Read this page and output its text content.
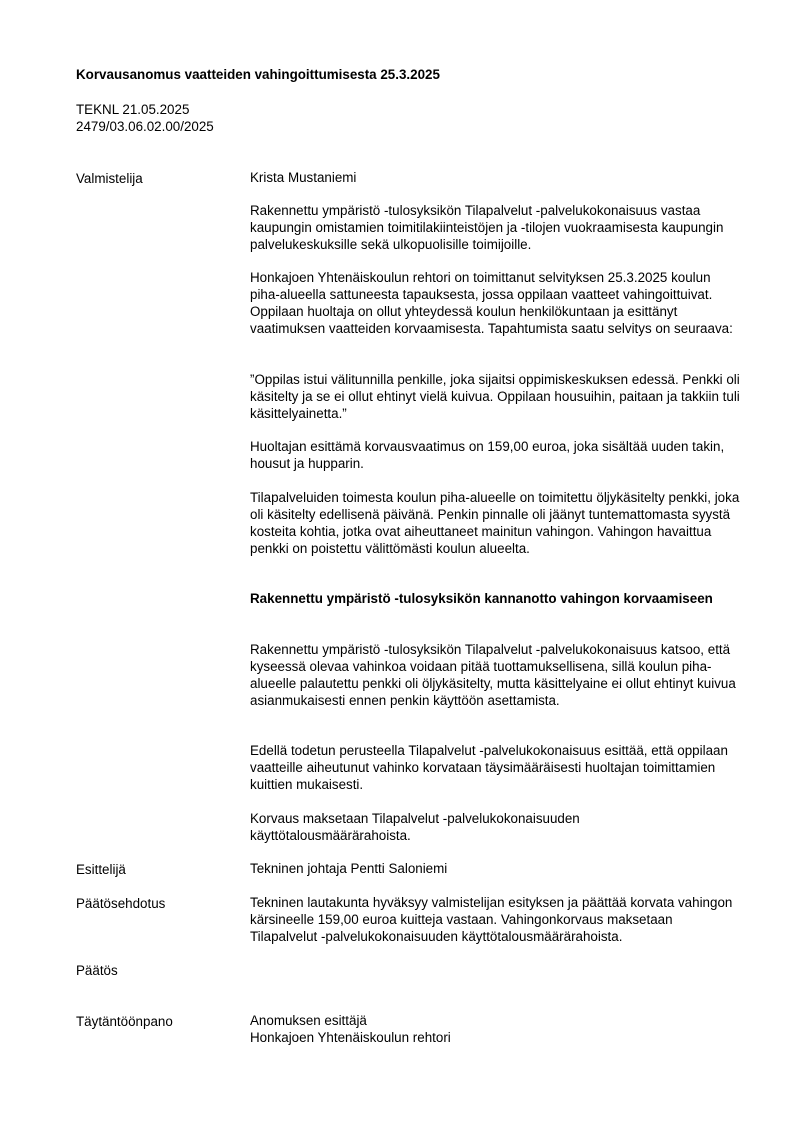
Korvausanomus vaatteiden vahingoittumisesta 25.3.2025
TEKNL 21.05.2025
2479/03.06.02.00/2025
Valmistelija	Krista Mustaniemi

Rakennettu ympäristö -tulosyksikön Tilapalvelut -palvelukokonaisuus vastaa kaupungin omistamien toimitilakiinteistöjen ja -tilojen vuokraamisesta kaupungin palvelukeskuksille sekä ulkopuolisille toimijoille.
Honkajoen Yhtenäiskoulun rehtori on toimittanut selvityksen 25.3.2025 koulun piha-alueella sattuneesta tapauksesta, jossa oppilaan vaatteet vahingoittuivat. Oppilaan huoltaja on ollut yhteydessä koulun henkilökuntaan ja esittänyt vaatimuksen vaatteiden korvaamisesta. Tapahtumista saatu selvitys on seuraava:
”Oppilas istui välitunnilla penkille, joka sijaitsi oppimiskeskuksen edessä. Penkki oli käsitelty ja se ei ollut ehtinyt vielä kuivua. Oppilaan housuihin, paitaan ja takkiin tuli käsittelyainetta.”
Huoltajan esittämä korvausvaatimus on 159,00 euroa, joka sisältää uuden takin, housut ja hupparin.
Tilapalveluiden toimesta koulun piha-alueelle on toimitettu öljykäsitelty penkki, joka oli käsitelty edellisenä päivänä. Penkin pinnalle oli jäänyt tuntemattomasta syystä kosteita kohtia, jotka ovat aiheuttaneet mainitun vahingon. Vahingon havaittua penkki on poistettu välittömästi koulun alueelta.
Rakennettu ympäristö -tulosyksikön kannanotto vahingon korvaamiseen
Rakennettu ympäristö -tulosyksikön Tilapalvelut -palvelukokonaisuus katsoo, että kyseessä olevaa vahinkoa voidaan pitää tuottamuksellisena, sillä koulun piha-alueelle palautettu penkki oli öljykäsitelty, mutta käsittelyaine ei ollut ehtinyt kuivua asianmukaisesti ennen penkin käyttöön asettamista.
Edellä todetun perusteella Tilapalvelut -palvelukokonaisuus esittää, että oppilaan vaatteille aiheutunut vahinko korvataan täysimääräisesti huoltajan toimittamien kuittien mukaisesti.
Korvaus maksetaan Tilapalvelut -palvelukokonaisuuden käyttötalousmäärärahoista.
Esittelijä	Tekninen johtaja Pentti Saloniemi
Päätösehdotus	Tekninen lautakunta hyväksyy valmistelijan esityksen ja päättää korvata vahingon kärsineelle 159,00 euroa kuitteja vastaan. Vahingonkorvaus maksetaan Tilapalvelut -palvelukokonaisuuden käyttötalousmäärärahoista.
Päätös
Täytäntöönpano	Anomuksen esittäjä

Honkajoen Yhtenäiskoulun rehtori
